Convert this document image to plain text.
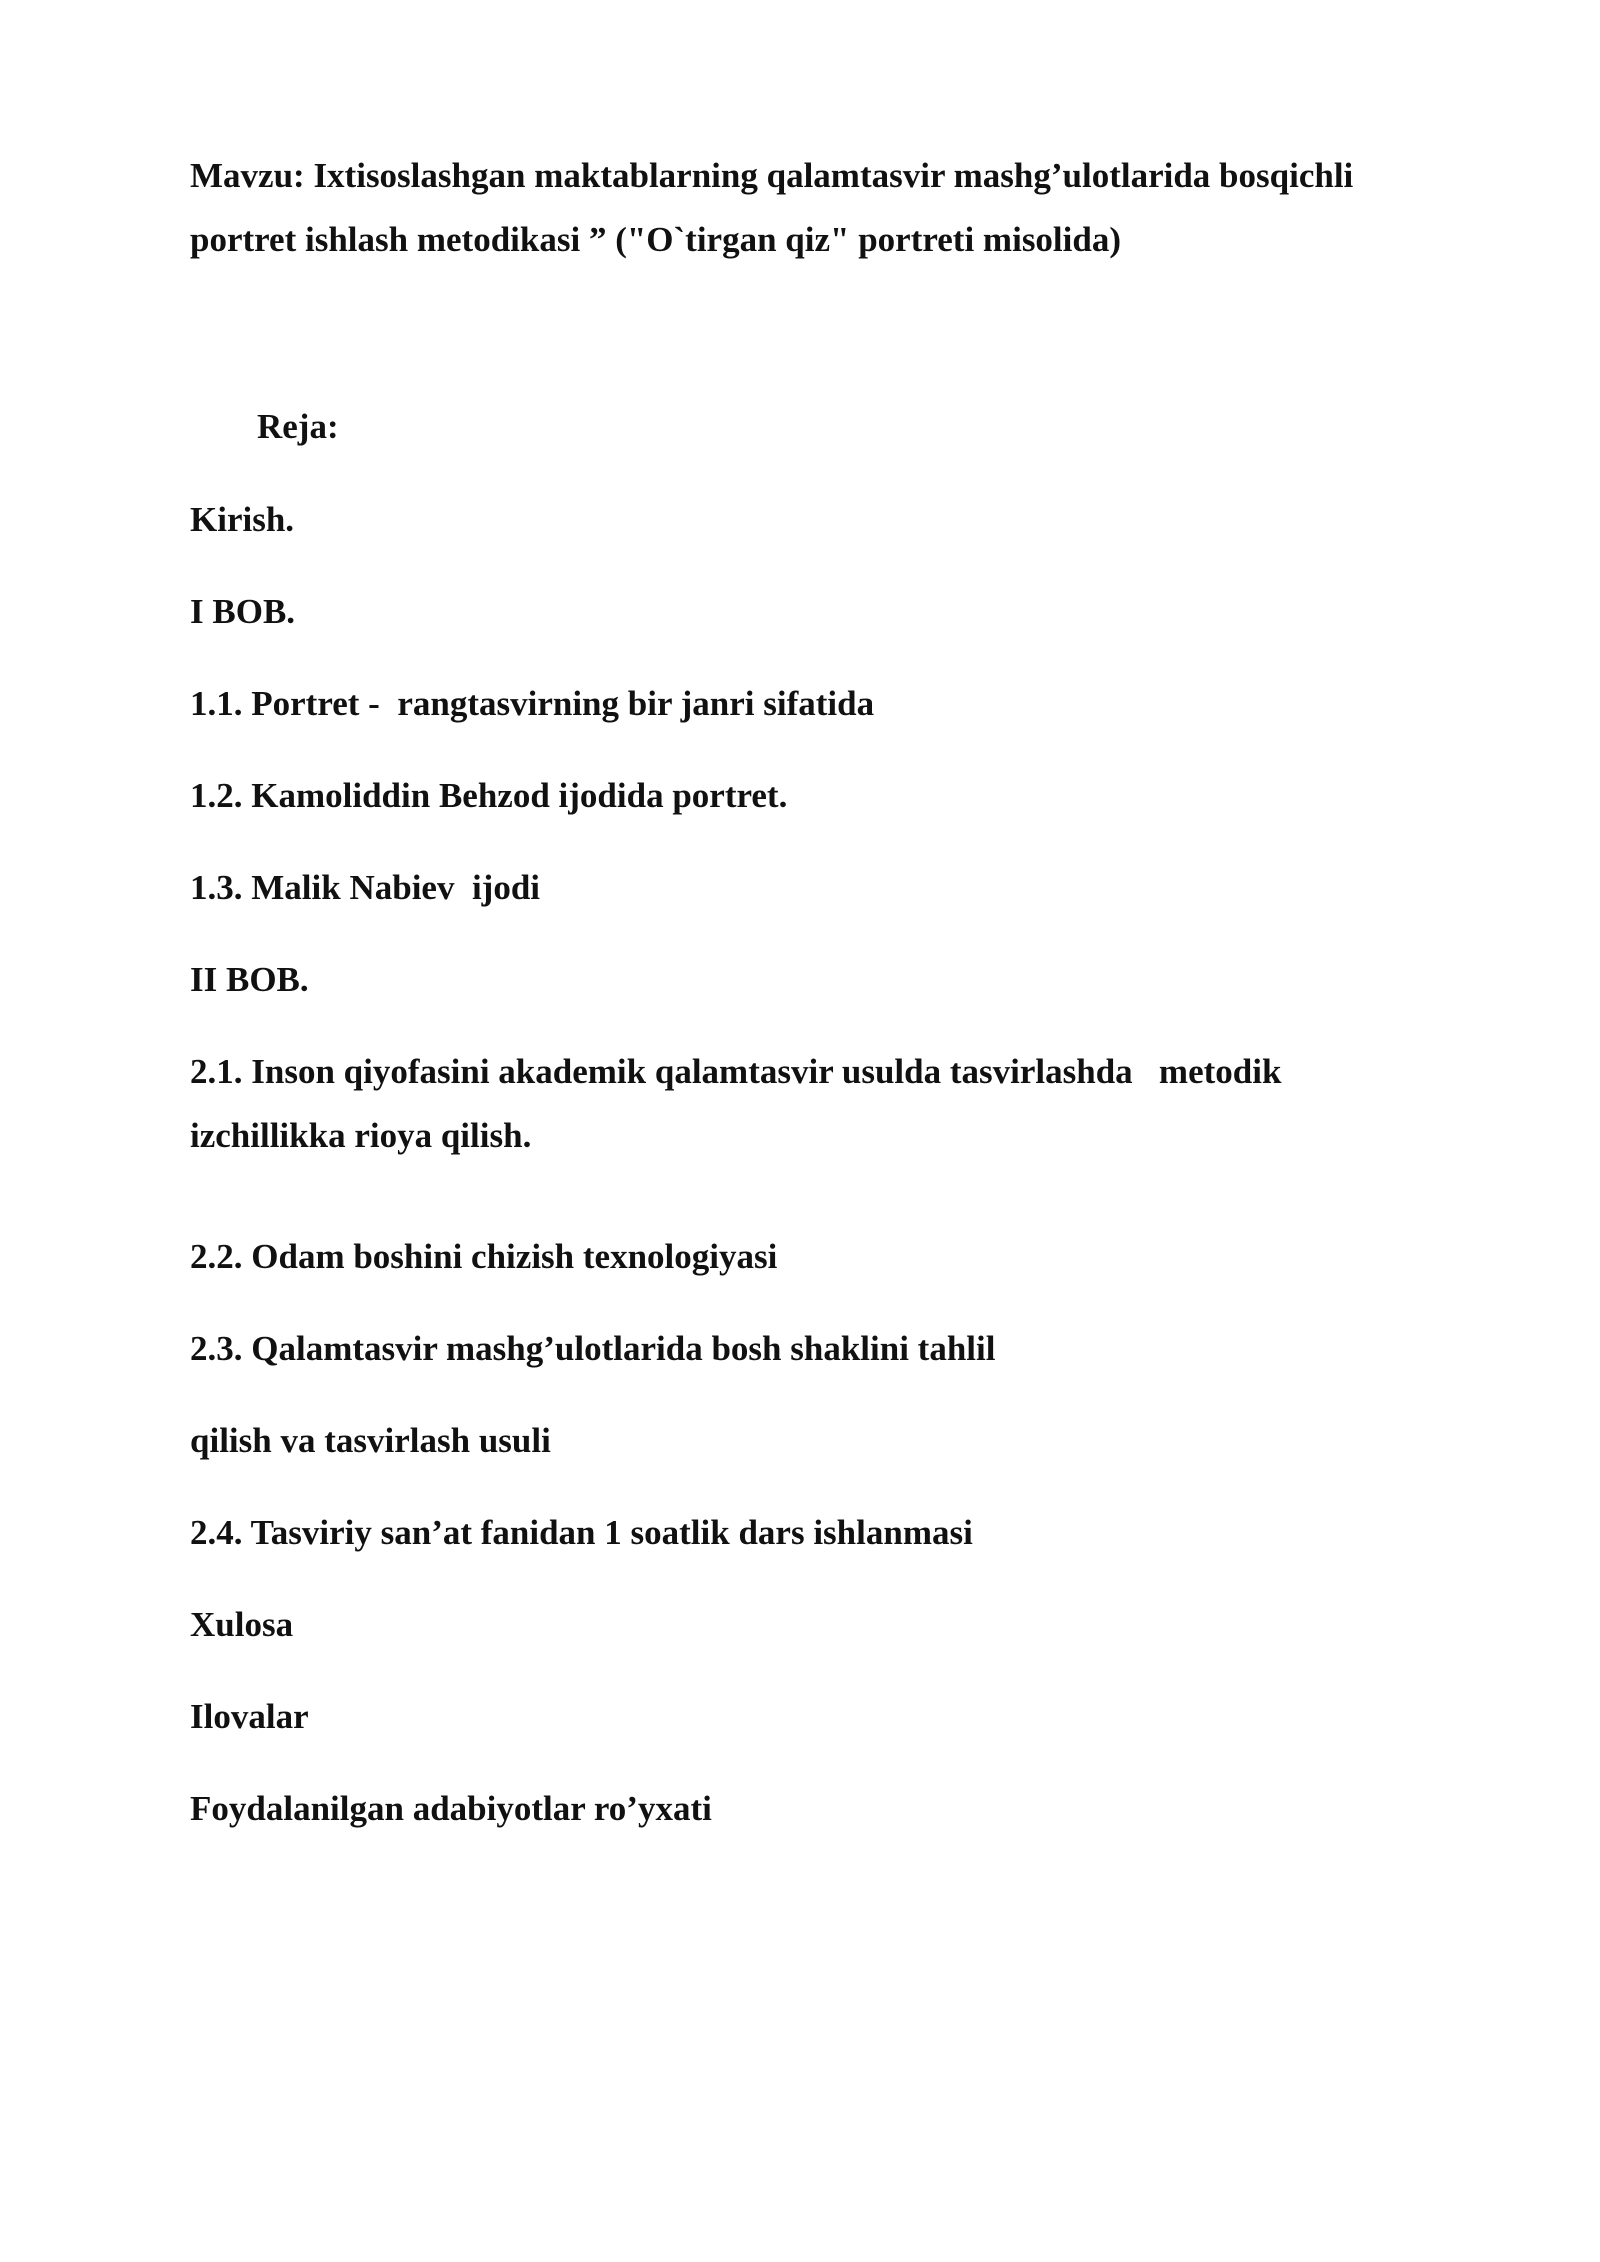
Mavzu: Ixtisoslashgan maktablarning qalamtasvir mashg’ulotlarida bosqichli
portret ishlash metodikasi ” ("O`tirgan qiz" portreti misolida)
Reja:
Kirish.
I BOB.
1.1. Portret -  rangtasvirning bir janri sifatida
1.2. Kamoliddin Behzod ijodida portret.
1.3. Malik Nabiev  ijodi
II BOB.
2.1. Inson qiyofasini akademik qalamtasvir usulda tasvirlashda   metodik
izchillikka rioya qilish.
2.2. Odam boshini chizish texnologiyasi
2.3. Qalamtasvir mashg’ulotlarida bosh shaklini tahlil
qilish va tasvirlash usuli
2.4. Tasviriy san’at fanidan 1 soatlik dars ishlanmasi
Xulosa
Ilovalar
Foydalanilgan adabiyotlar ro’yxati
